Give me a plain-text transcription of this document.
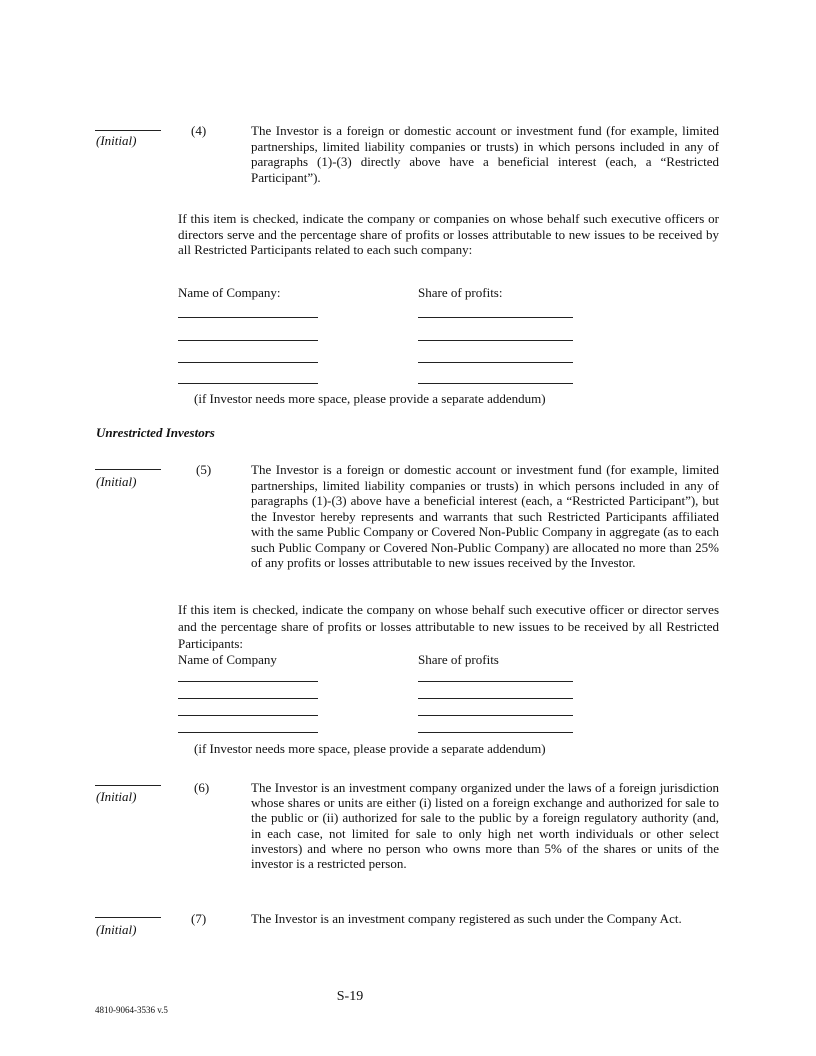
(Initial)
(4)	The Investor is a foreign or domestic account or investment fund (for example, limited partnerships, limited liability companies or trusts) in which persons included in any of paragraphs (1)-(3) directly above have a beneficial interest (each, a “Restricted Participant”).
If this item is checked, indicate the company or companies on whose behalf such executive officers or directors serve and the percentage share of profits or losses attributable to new issues to be received by all Restricted Participants related to each such company:
Name of Company:	Share of profits:
(if Investor needs more space, please provide a separate addendum)
Unrestricted Investors
(Initial)
(5)	The Investor is a foreign or domestic account or investment fund (for example, limited partnerships, limited liability companies or trusts) in which persons included in any of paragraphs (1)-(3) above have a beneficial interest (each, a “Restricted Participant”), but the Investor hereby represents and warrants that such Restricted Participants affiliated with the same Public Company or Covered Non-Public Company in aggregate (as to each such Public Company or Covered Non-Public Company) are allocated no more than 25% of any profits or losses attributable to new issues received by the Investor.
If this item is checked, indicate the company on whose behalf such executive officer or director serves and the percentage share of profits or losses attributable to new issues to be received by all Restricted Participants:
Name of Company	Share of profits
(if Investor needs more space, please provide a separate addendum)
(Initial)
(6)	The Investor is an investment company organized under the laws of a foreign jurisdiction whose shares or units are either (i) listed on a foreign exchange and authorized for sale to the public or (ii) authorized for sale to the public by a foreign regulatory authority (and, in each case, not limited for sale to only high net worth individuals or other select investors) and where no person who owns more than 5% of the shares or units of the investor is a restricted person.
(Initial)
(7)	The Investor is an investment company registered as such under the Company Act.
S-19
4810-9064-3536 v.5
